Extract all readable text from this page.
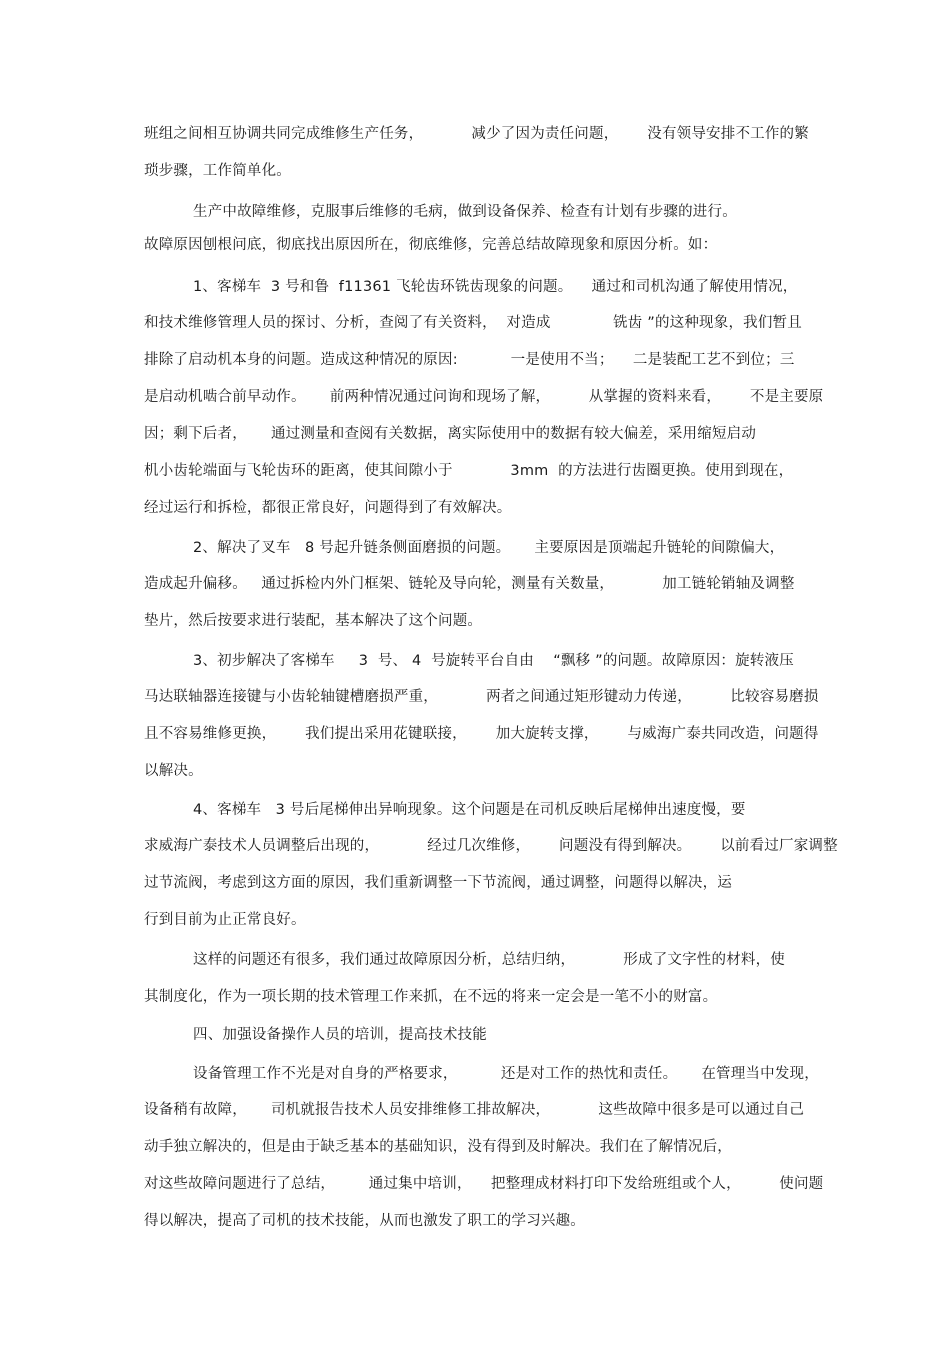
班组之间相互协调共同完成维修生产任务，          减少了因为责任问题，      没有领导安排不工作的繁
琐步骤，工作简单化。
生产中故障维修，克服事后维修的毛病，做到设备保养、检查有计划有步骤的进行。
故障原因刨根问底，彻底找出原因所在，彻底维修，完善总结故障现象和原因分析。如：
1、客梯车  3 号和鲁  f11361 飞轮齿环铣齿现象的问题。    通过和司机沟通了解使用情况，
和技术维修管理人员的探讨、分析，查阅了有关资料，  对造成             铣齿 ”的这种现象，我们暂且
排除了启动机本身的问题。造成这种情况的原因:           一是使用不当；    二是装配工艺不到位；三
是启动机啮合前早动作。     前两种情况通过问询和现场了解，        从掌握的资料来看，      不是主要原
因；剩下后者，     通过测量和查阅有关数据，离实际使用中的数据有较大偏差，采用缩短启动
机小齿轮端面与飞轮齿环的距离，使其间隙小于            3mm  的方法进行齿圈更换。使用到现在，
经过运行和拆检，都很正常良好，问题得到了有效解决。
2、解决了叉车   8 号起升链条侧面磨损的问题。     主要原因是顶端起升链轮的间隙偏大，
造成起升偏移。   通过拆检内外门框架、链轮及导向轮，测量有关数量，          加工链轮销轴及调整
垫片，然后按要求进行装配，基本解决了这个问题。
3、初步解决了客梯车     3  号、 4  号旋转平台自由    “飘移 ”的问题。故障原因：旋转液压
马达联轴器连接键与小齿轮轴键槽磨损严重，          两者之间通过矩形键动力传递，        比较容易磨损
且不容易维修更换，      我们提出采用花键联接，      加大旋转支撑，      与威海广泰共同改造，问题得
以解决。
4、客梯车   3 号后尾梯伸出异响现象。这个问题是在司机反映后尾梯伸出速度慢，要
求威海广泰技术人员调整后出现的，          经过几次维修，      问题没有得到解决。      以前看过厂家调整
过节流阀，考虑到这方面的原因，我们重新调整一下节流阀，通过调整，问题得以解决，运
行到目前为止正常良好。
这样的问题还有很多，我们通过故障原因分析，总结归纳，          形成了文字性的材料，使
其制度化，作为一项长期的技术管理工作来抓，在不远的将来一定会是一笔不小的财富。
四、加强设备操作人员的培训，提高技术技能
设备管理工作不光是对自身的严格要求，         还是对工作的热忱和责任。     在管理当中发现，
设备稍有故障，     司机就报告技术人员安排维修工排故解决，          这些故障中很多是可以通过自己
动手独立解决的，但是由于缺乏基本的基础知识，没有得到及时解决。我们在了解情况后，
对这些故障问题进行了总结，       通过集中培训，    把整理成材料打印下发给班组或个人，        使问题
得以解决，提高了司机的技术技能，从而也激发了职工的学习兴趣。
